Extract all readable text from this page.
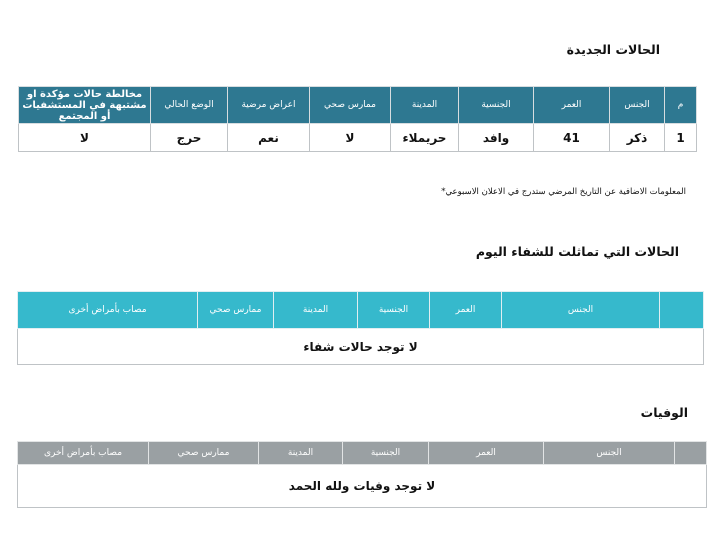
الحالات الجديدة
م	الجنس	العمر	الجنسية	المدينة	ممارس صحي	اعراض مرضية	الوضع الحالي	مخالطة حالات مؤكدة او مشتبهة في المستشفيات أو المجتمع
1	ذكر	41	وافد	حريملاء	لا	نعم	حرج	لا
المعلومات الاضافية عن التاريخ المرضي ستدرج في الاعلان الاسبوعي*
الحالات التي تماثلت للشفاء اليوم
	الجنس	العمر	الجنسية	المدينة	ممارس صحي	مصاب بأمراض أخرى
لا توجد حالات شفاء
الوفيات
	الجنس	العمر	الجنسية	المدينة	ممارس صحي	مصاب بأمراض أخرى
لا توجد وفيات ولله الحمد
